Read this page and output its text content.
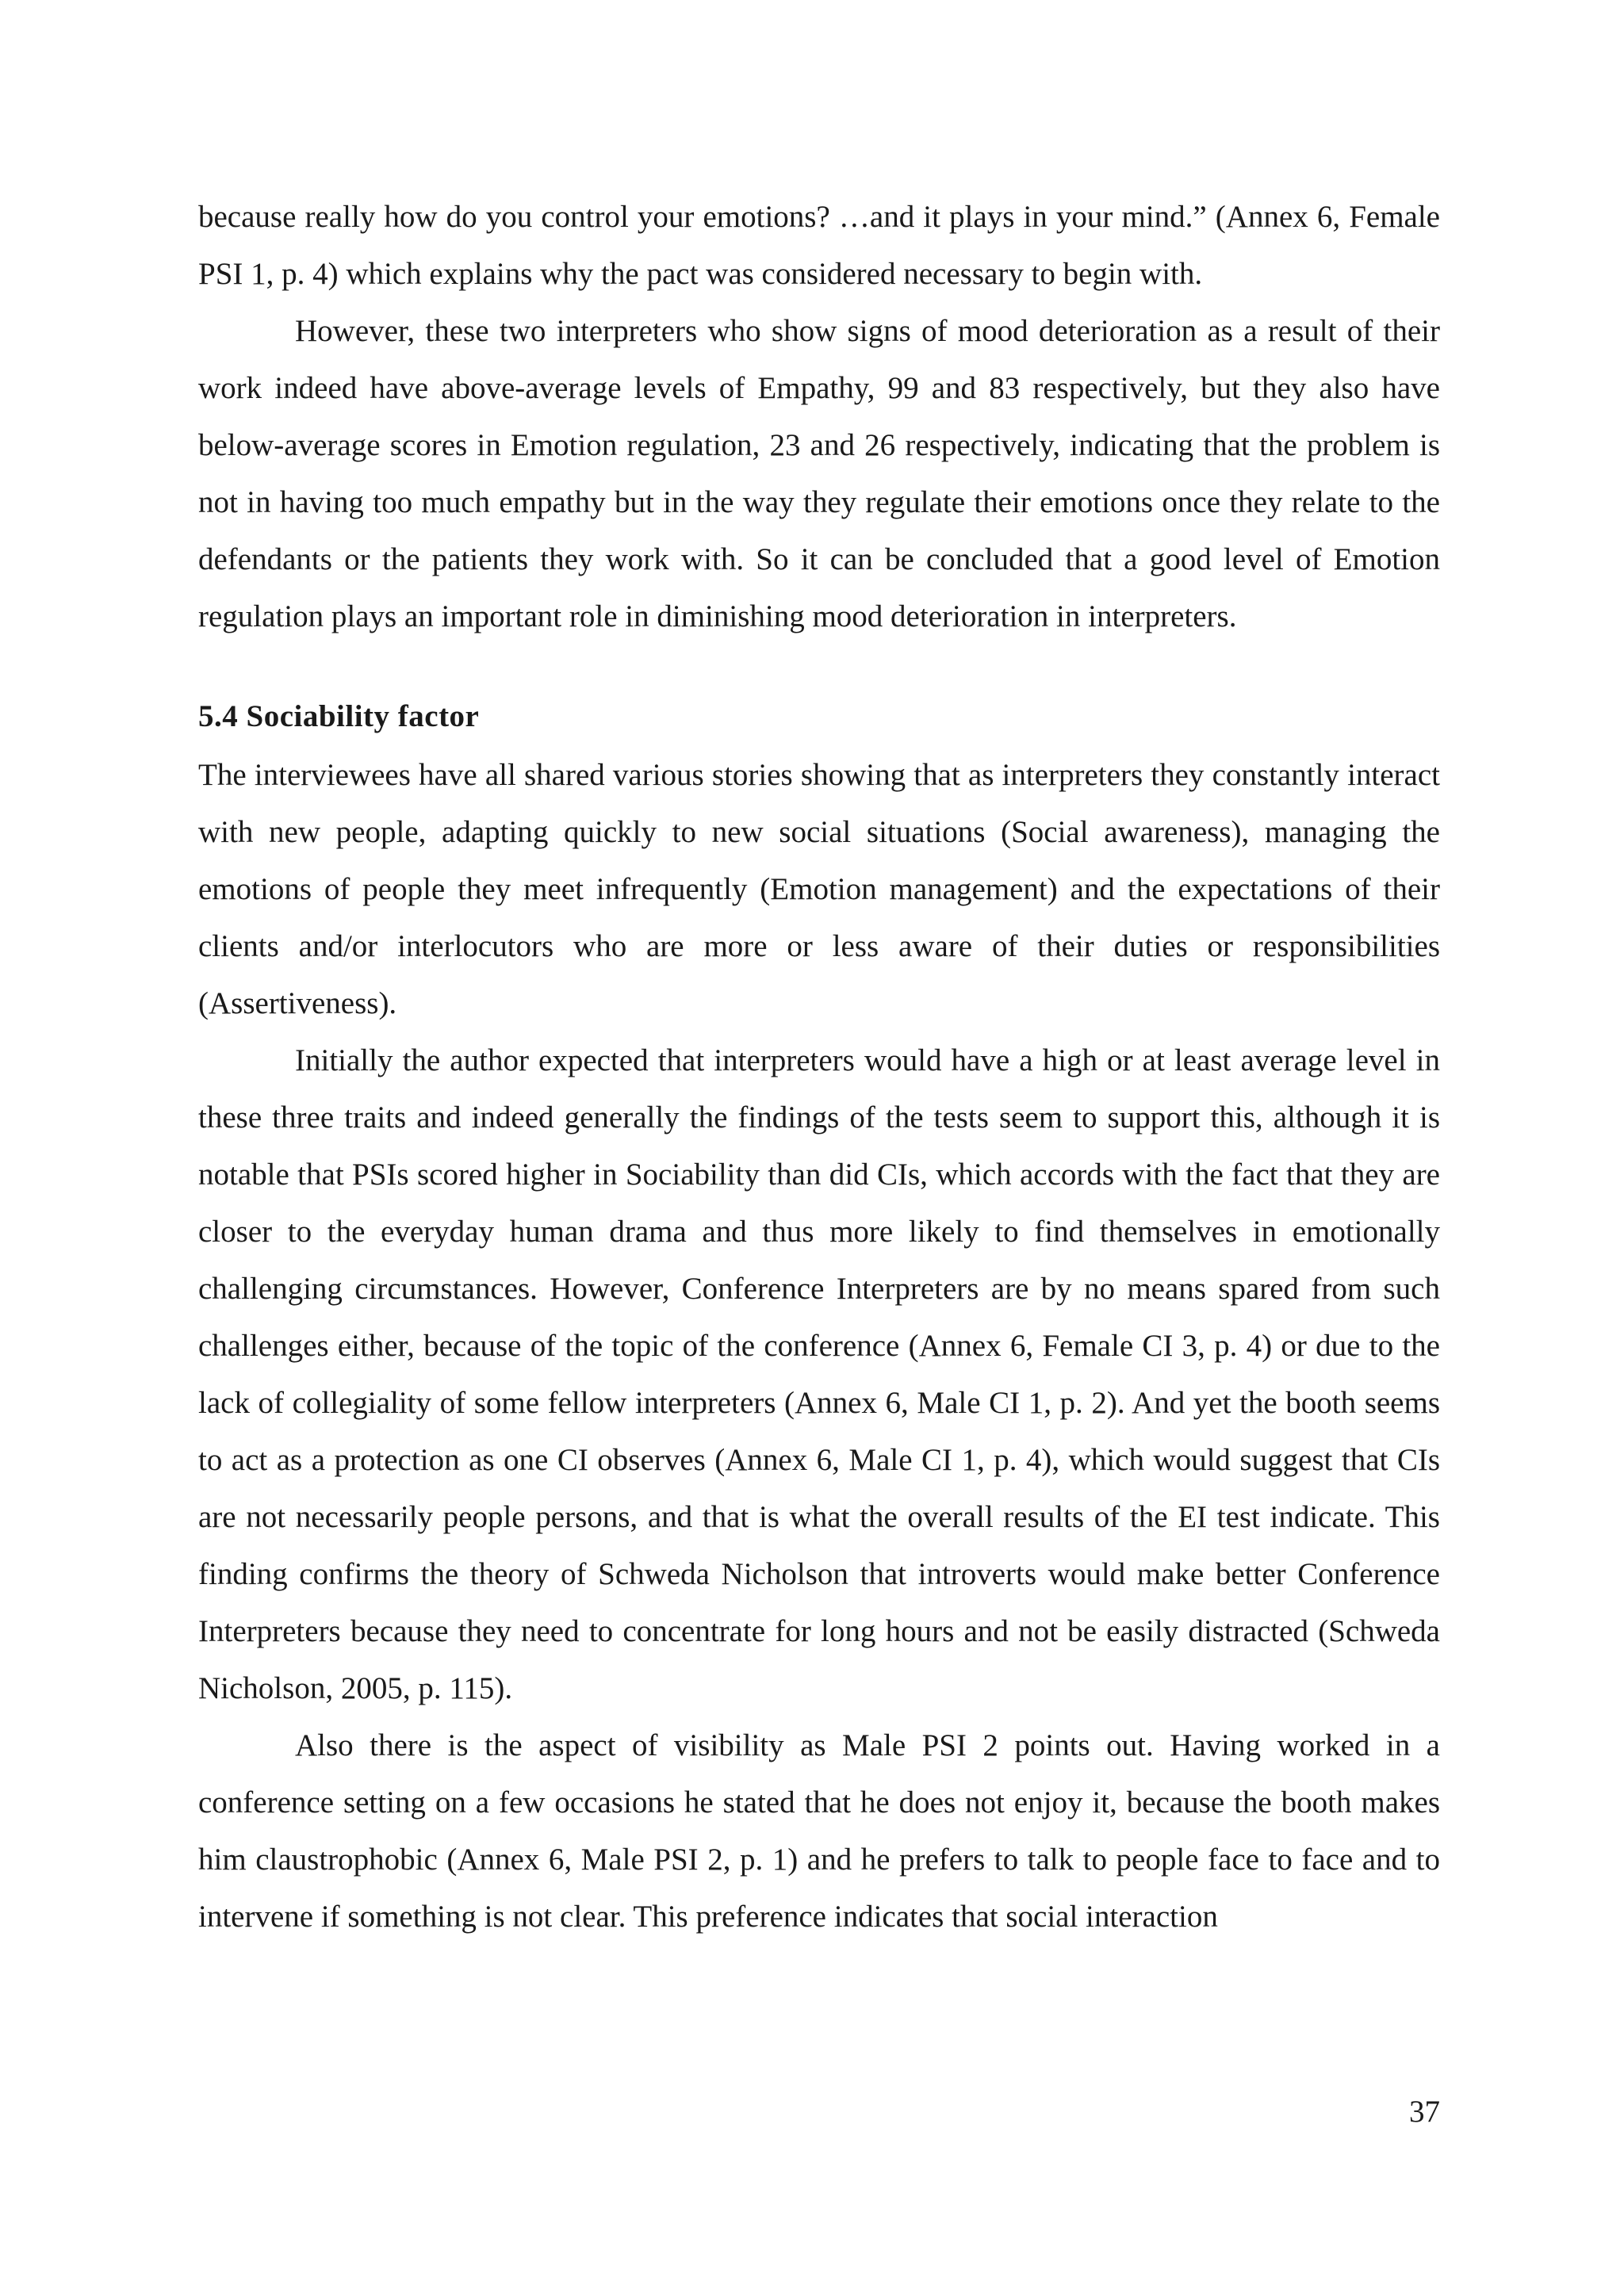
because really how do you control your emotions? …and it plays in your mind.” (Annex 6, Female PSI 1, p. 4) which explains why the pact was considered necessary to begin with.

However, these two interpreters who show signs of mood deterioration as a result of their work indeed have above-average levels of Empathy, 99 and 83 respectively, but they also have below-average scores in Emotion regulation, 23 and 26 respectively, indicating that the problem is not in having too much empathy but in the way they regulate their emotions once they relate to the defendants or the patients they work with. So it can be concluded that a good level of Emotion regulation plays an important role in diminishing mood deterioration in interpreters.

5.4 Sociability factor

The interviewees have all shared various stories showing that as interpreters they constantly interact with new people, adapting quickly to new social situations (Social awareness), managing the emotions of people they meet infrequently (Emotion management) and the expectations of their clients and/or interlocutors who are more or less aware of their duties or responsibilities (Assertiveness).

Initially the author expected that interpreters would have a high or at least average level in these three traits and indeed generally the findings of the tests seem to support this, although it is notable that PSIs scored higher in Sociability than did CIs, which accords with the fact that they are closer to the everyday human drama and thus more likely to find themselves in emotionally challenging circumstances. However, Conference Interpreters are by no means spared from such challenges either, because of the topic of the conference (Annex 6, Female CI 3, p. 4) or due to the lack of collegiality of some fellow interpreters (Annex 6, Male CI 1, p. 2). And yet the booth seems to act as a protection as one CI observes (Annex 6, Male CI 1, p. 4), which would suggest that CIs are not necessarily people persons, and that is what the overall results of the EI test indicate. This finding confirms the theory of Schweda Nicholson that introverts would make better Conference Interpreters because they need to concentrate for long hours and not be easily distracted (Schweda Nicholson, 2005, p. 115).

Also there is the aspect of visibility as Male PSI 2 points out. Having worked in a conference setting on a few occasions he stated that he does not enjoy it, because the booth makes him claustrophobic (Annex 6, Male PSI 2, p. 1) and he prefers to talk to people face to face and to intervene if something is not clear. This preference indicates that social interaction

37
